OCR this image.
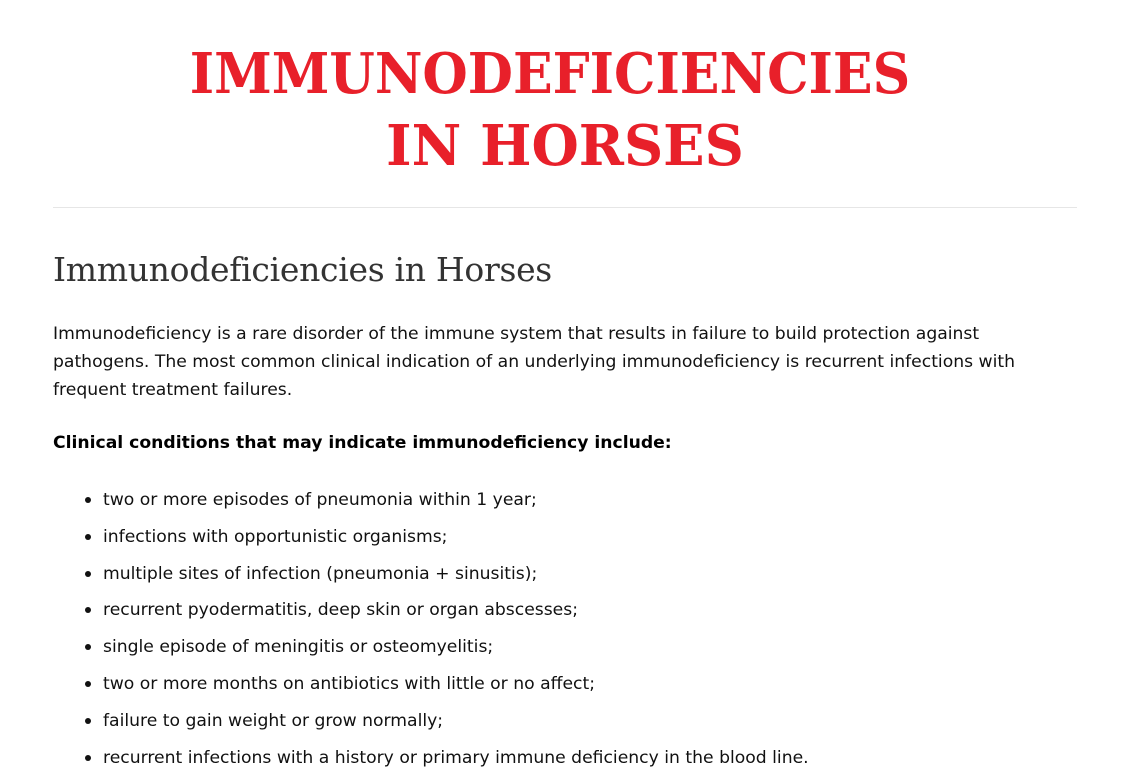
IMMUNODEFICIENCIES
IN HORSES
Immunodeficiencies in Horses

Immunodeficiency is a rare disorder of the immune system that results in failure to build protection against pathogens. The most common clinical indication of an underlying immunodeficiency is recurrent infections with frequent treatment failures.

Clinical conditions that may indicate immunodeficiency include:

two or more episodes of pneumonia within 1 year;
infections with opportunistic organisms;
multiple sites of infection (pneumonia + sinusitis);
recurrent pyodermatitis, deep skin or organ abscesses;
single episode of meningitis or osteomyelitis;
two or more months on antibiotics with little or no affect;
failure to gain weight or grow normally;
recurrent infections with a history or primary immune deficiency in the blood line.
